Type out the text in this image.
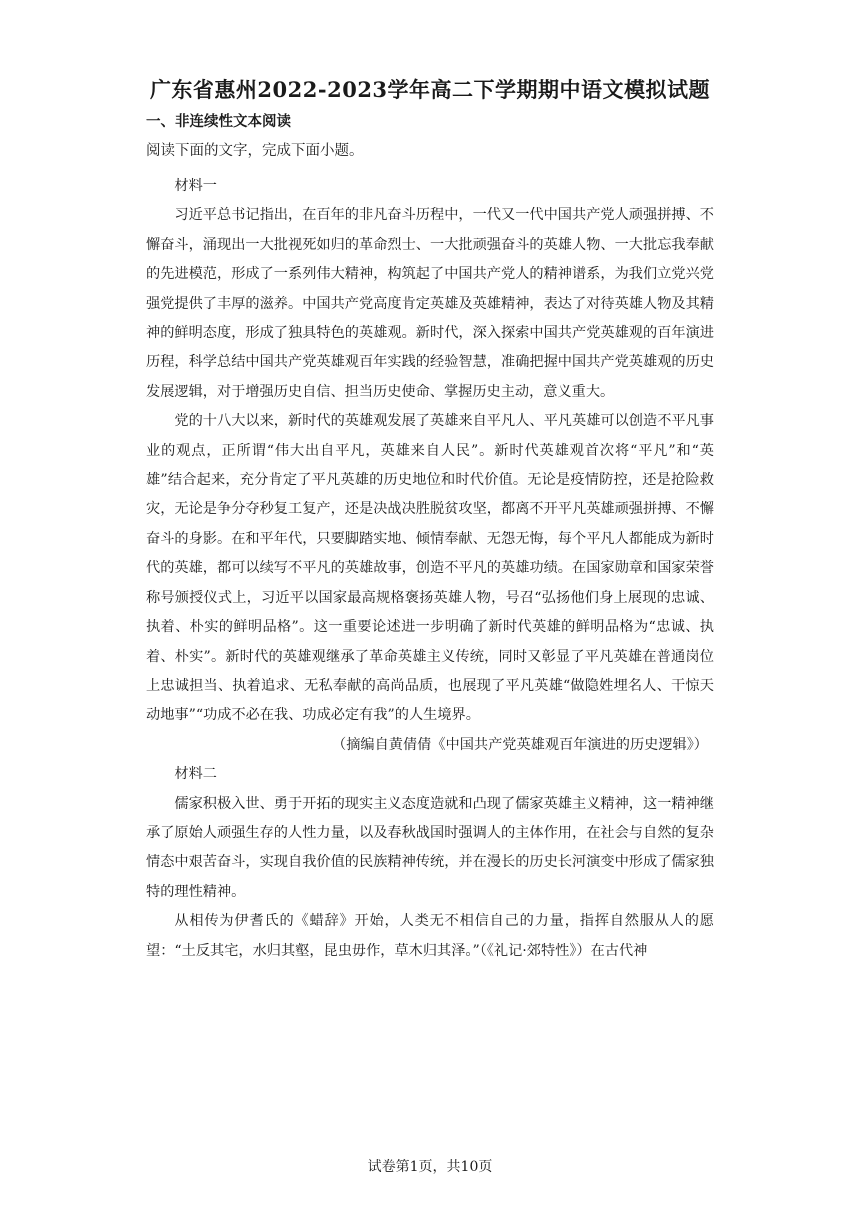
广东省惠州2022-2023学年高二下学期期中语文模拟试题
一、非连续性文本阅读
阅读下面的文字，完成下面小题。

材料一

习近平总书记指出，在百年的非凡奋斗历程中，一代又一代中国共产党人顽强拼搏、不懈奋斗，涌现出一大批视死如归的革命烈士、一大批顽强奋斗的英雄人物、一大批忘我奉献的先进模范，形成了一系列伟大精神，构筑起了中国共产党人的精神谱系，为我们立党兴党强党提供了丰厚的滋养。中国共产党高度肯定英雄及英雄精神，表达了对待英雄人物及其精神的鲜明态度，形成了独具特色的英雄观。新时代，深入探索中国共产党英雄观的百年演进历程，科学总结中国共产党英雄观百年实践的经验智慧，准确把握中国共产党英雄观的历史发展逻辑，对于增强历史自信、担当历史使命、掌握历史主动，意义重大。

党的十八大以来，新时代的英雄观发展了英雄来自平凡人、平凡英雄可以创造不平凡事业的观点，正所谓“伟大出自平凡，英雄来自人民”。新时代英雄观首次将“平凡”和“英雄”结合起来，充分肯定了平凡英雄的历史地位和时代价值。无论是疫情防控，还是抢险救灾，无论是争分夺秒复工复产，还是决战决胜脱贫攻坚，都离不开平凡英雄顽强拼搏、不懈奋斗的身影。在和平年代，只要脚踏实地、倾情奉献、无怨无悔，每个平凡人都能成为新时代的英雄，都可以续写不平凡的英雄故事，创造不平凡的英雄功绩。在国家勋章和国家荣誉称号颁授仪式上，习近平以国家最高规格褒扬英雄人物，号召“弘扬他们身上展现的忠诚、执着、朴实的鲜明品格”。这一重要论述进一步明确了新时代英雄的鲜明品格为“忠诚、执着、朴实”。新时代的英雄观继承了革命英雄主义传统，同时又彰显了平凡英雄在普通岗位上忠诚担当、执着追求、无私奉献的高尚品质，也展现了平凡英雄“做隐姓埋名人、干惊天动地事”“功成不必在我、功成必定有我”的人生境界。

（摘编自黄倩倩《中国共产党英雄观百年演进的历史逻辑》）

材料二

儒家积极入世、勇于开拓的现实主义态度造就和凸现了儒家英雄主义精神，这一精神继承了原始人顽强生存的人性力量，以及春秋战国时强调人的主体作用，在社会与自然的复杂情态中艰苦奋斗，实现自我价值的民族精神传统，并在漫长的历史长河演变中形成了儒家独特的理性精神。

从相传为伊耆氏的《蜡辞》开始，人类无不相信自己的力量，指挥自然服从人的愿望：“土反其宅，水归其壑，昆虫毋作，草木归其泽。”（《礼记·郊特性》）在古代神

试卷第1页，共10页
